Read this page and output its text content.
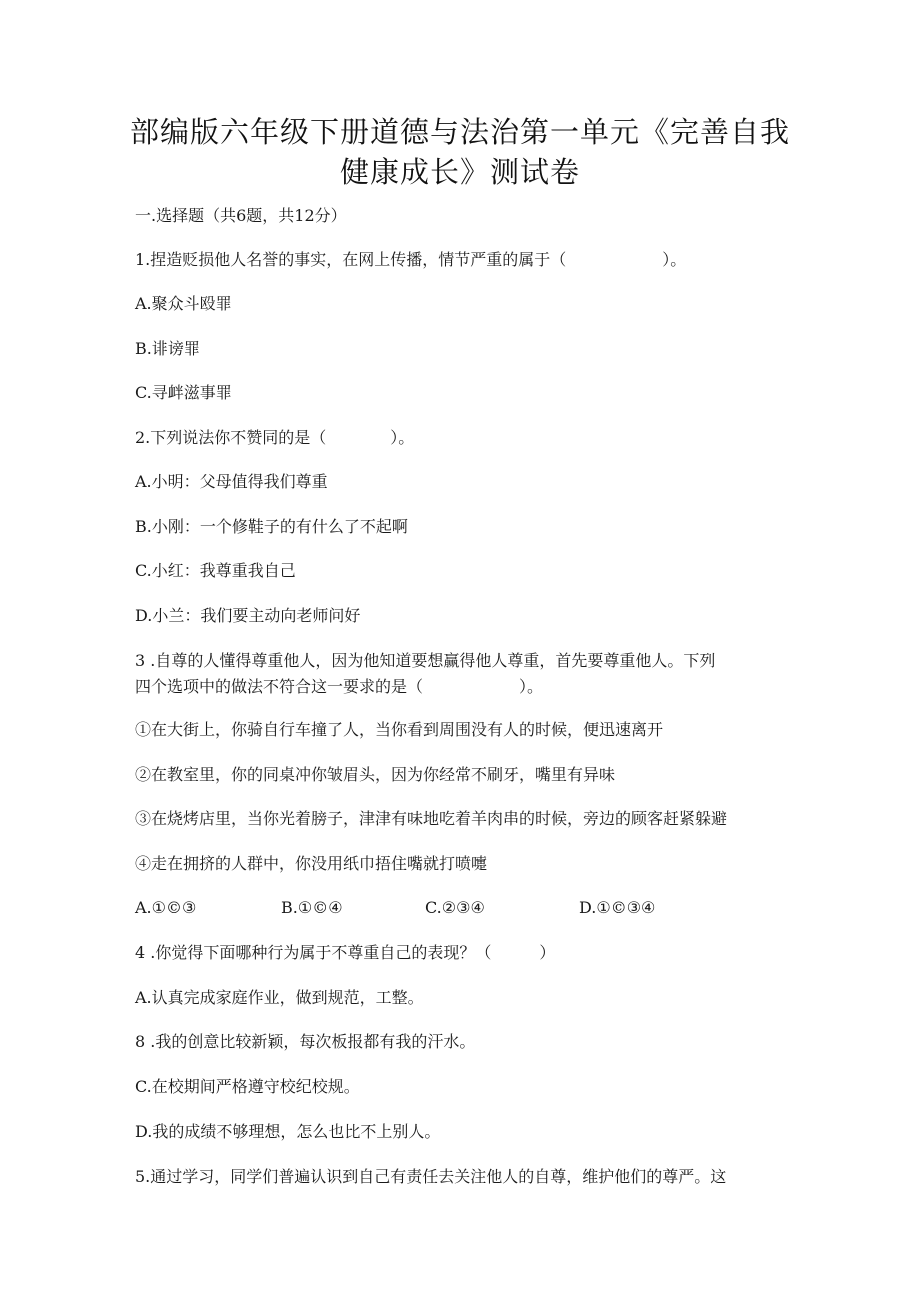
部编版六年级下册道德与法治第一单元《完善自我
健康成长》测试卷
一.选择题（共6题，共12分）
1.捏造贬损他人名誉的事实，在网上传播，情节严重的属于（　　　　　　）。
A.聚众斗殴罪
B.诽谤罪
C.寻衅滋事罪
2.下列说法你不赞同的是（　　　　）。
A.小明：父母值得我们尊重
B.小刚：一个修鞋子的有什么了不起啊
C.小红：我尊重我自己
D.小兰：我们要主动向老师问好
3 .自尊的人懂得尊重他人，因为他知道要想赢得他人尊重，首先要尊重他人。下列
四个选项中的做法不符合这一要求的是（　　　　　　）。
①在大街上，你骑自行车撞了人，当你看到周围没有人的时候，便迅速离开
②在教室里，你的同桌冲你皱眉头，因为你经常不刷牙，嘴里有异味
③在烧烤店里，当你光着膀子，津津有味地吃着羊肉串的时候，旁边的顾客赶紧躲避
④走在拥挤的人群中，你没用纸巾捂住嘴就打喷嚏
A.①©③	B.①©④	C.②③④	D.①©③④
4 .你觉得下面哪种行为属于不尊重自己的表现？（　　　）
A.认真完成家庭作业，做到规范，工整。
8 .我的创意比较新颖，每次板报都有我的汗水。
C.在校期间严格遵守校纪校规。
D.我的成绩不够理想，怎么也比不上别人。
5.通过学习，同学们普遍认识到自己有责任去关注他人的自尊，维护他们的尊严。这
